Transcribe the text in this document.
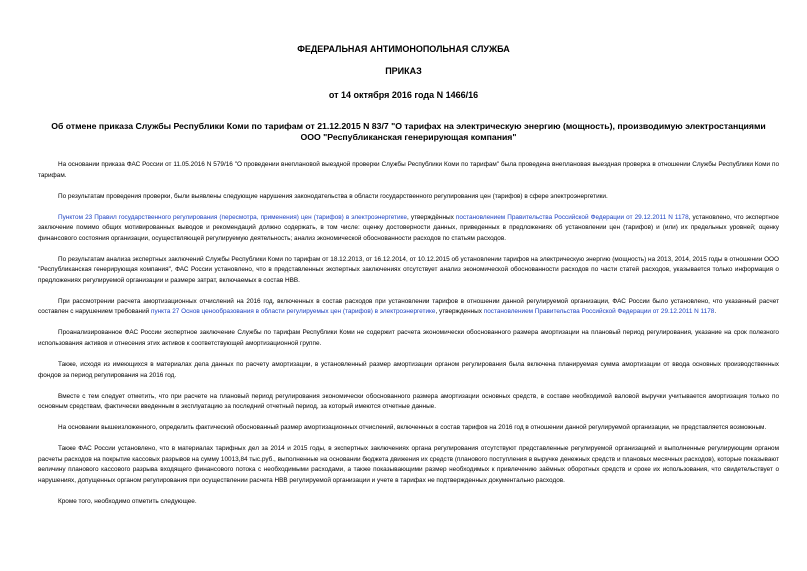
ФЕДЕРАЛЬНАЯ АНТИМОНОПОЛЬНАЯ СЛУЖБА
ПРИКАЗ
от 14 октября 2016 года N 1466/16
Об отмене приказа Службы Республики Коми по тарифам от 21.12.2015 N 83/7 "О тарифах на электрическую энергию (мощность), производимую электростанциями
ООО "Республиканская генерирующая компания"

На основании приказа ФАС России от 11.05.2016 N 579/16 "О проведении внеплановой выездной проверки Службы Республики Коми по тарифам" была проведена внеплановая выездная проверка в отношении Службы Республики Коми по тарифам.

По результатам проведения проверки, были выявлены следующие нарушения законодательства в области государственного регулирования цен (тарифов) в сфере электроэнергетики.

Пунктом 23 Правил государственного регулирования (пересмотра, применения) цен (тарифов) в электроэнергетике, утверждённых постановлением Правительства Российской Федерации от 29.12.2011 N 1178, установлено, что экспертное заключение помимо общих мотивированных выводов и рекомендаций должно содержать, в том числе: оценку достоверности данных, приведенных в предложениях об установлении цен (тарифов) и (или) их предельных уровней; оценку финансового состояния организации, осуществляющей регулируемую деятельность; анализ экономической обоснованности расходов по статьям расходов.

По результатам анализа экспертных заключений Службы Республики Коми по тарифам от 18.12.2013, от 16.12.2014, от 10.12.2015 об установлении тарифов на электрическую энергию (мощность) на 2013, 2014, 2015 годы в отношении ООО "Республиканская генерирующая компания", ФАС России установлено, что в представленных экспертных заключениях отсутствует анализ экономической обоснованности расходов по части статей расходов, указывается только информация о предложениях регулируемой организации и размере затрат, включаемых в состав НВВ.

При рассмотрении расчета амортизационных отчислений на 2016 год, включенных в состав расходов при установлении тарифов в отношении данной регулируемой организации, ФАС России было установлено, что указанный расчет составлен с нарушением требований пункта 27 Основ ценообразования в области регулируемых цен (тарифов) в электроэнергетике, утвержденных постановлением Правительства Российской Федерации от 29.12.2011 N 1178.

Проанализированное ФАС России экспертное заключение Службы по тарифам Республики Коми не содержит расчета экономически обоснованного размера амортизации на плановый период регулирования, указание на срок полезного использования активов и отнесения этих активов к соответствующей амортизационной группе.

Также, исходя из имеющихся в материалах дела данных по расчету амортизации, в установленный размер амортизации органом регулирования была включена планируемая сумма амортизации от ввода основных производственных фондов за период регулирования на 2016 год.

Вместе с тем следует отметить, что при расчете на плановый период регулирования экономически обоснованного размера амортизации основных средств, в составе необходимой валовой выручки учитывается амортизация только по основным средствам, фактически введенным в эксплуатацию за последний отчетный период, за который имеются отчетные данные.

На основании вышеизложенного, определить фактический обоснованный размер амортизационных отчислений, включенных в состав тарифов на 2016 год в отношении данной регулируемой организации, не представляется возможным.

Также ФАС России установлено, что в материалах тарифных дел за 2014 и 2015 годы, в экспертных заключениях органа регулирования отсутствуют представленные регулируемой организацией и выполненные регулирующим органом расчеты расходов на покрытие кассовых разрывов на сумму 10013,84 тыс.руб., выполненные на основании бюджета движения их средств (планового поступления в выручке денежных средств и плановых месячных расходов), которые показывают величину планового кассового разрыва входящего финансового потока с необходимыми расходами, а также показывающими размер необходимых к привлечению заёмных оборотных средств и сроке их использования, что свидетельствует о нарушениях, допущенных органом регулирования при осуществлении расчета НВВ регулируемой организации и учете в тарифах не подтвержденных документально расходов.

Кроме того, необходимо отметить следующее.
